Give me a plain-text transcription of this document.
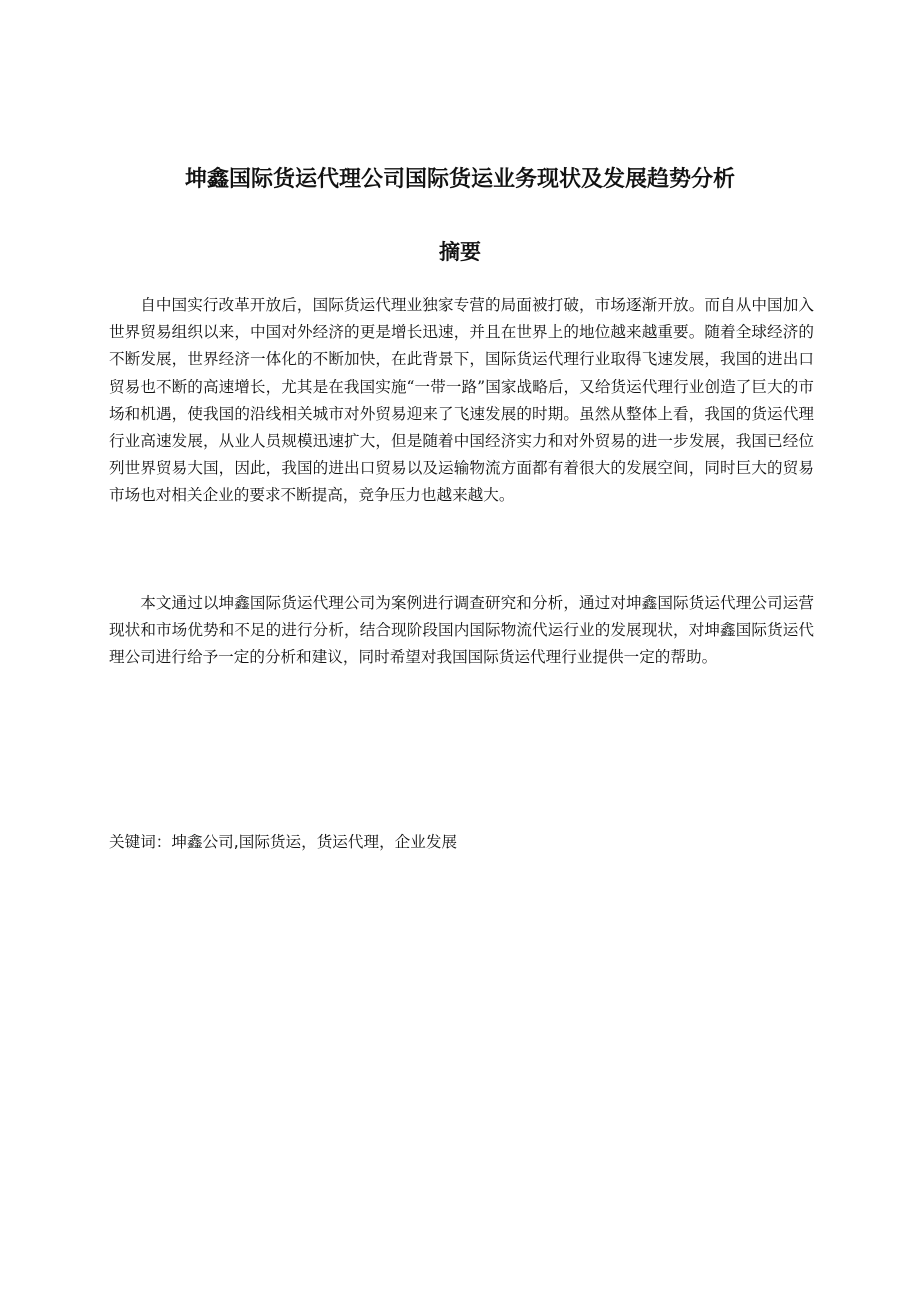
坤鑫国际货运代理公司国际货运业务现状及发展趋势分析
摘要

自中国实行改革开放后，国际货运代理业独家专营的局面被打破，市场逐渐开放。而自从中国加入世界贸易组织以来，中国对外经济的更是增长迅速，并且在世界上的地位越来越重要。随着全球经济的不断发展，世界经济一体化的不断加快，在此背景下，国际货运代理行业取得飞速发展，我国的进出口贸易也不断的高速增长，尤其是在我国实施“一带一路”国家战略后，又给货运代理行业创造了巨大的市场和机遇，使我国的沿线相关城市对外贸易迎来了飞速发展的时期。虽然从整体上看，我国的货运代理行业高速发展，从业人员规模迅速扩大，但是随着中国经济实力和对外贸易的进一步发展，我国已经位列世界贸易大国，因此，我国的进出口贸易以及运输物流方面都有着很大的发展空间，同时巨大的贸易市场也对相关企业的要求不断提高，竞争压力也越来越大。

本文通过以坤鑫国际货运代理公司为案例进行调查研究和分析，通过对坤鑫国际货运代理公司运营现状和市场优势和不足的进行分析，结合现阶段国内国际物流代运行业的发展现状，对坤鑫国际货运代理公司进行给予一定的分析和建议，同时希望对我国国际货运代理行业提供一定的帮助。

关键词：坤鑫公司,国际货运，货运代理，企业发展
